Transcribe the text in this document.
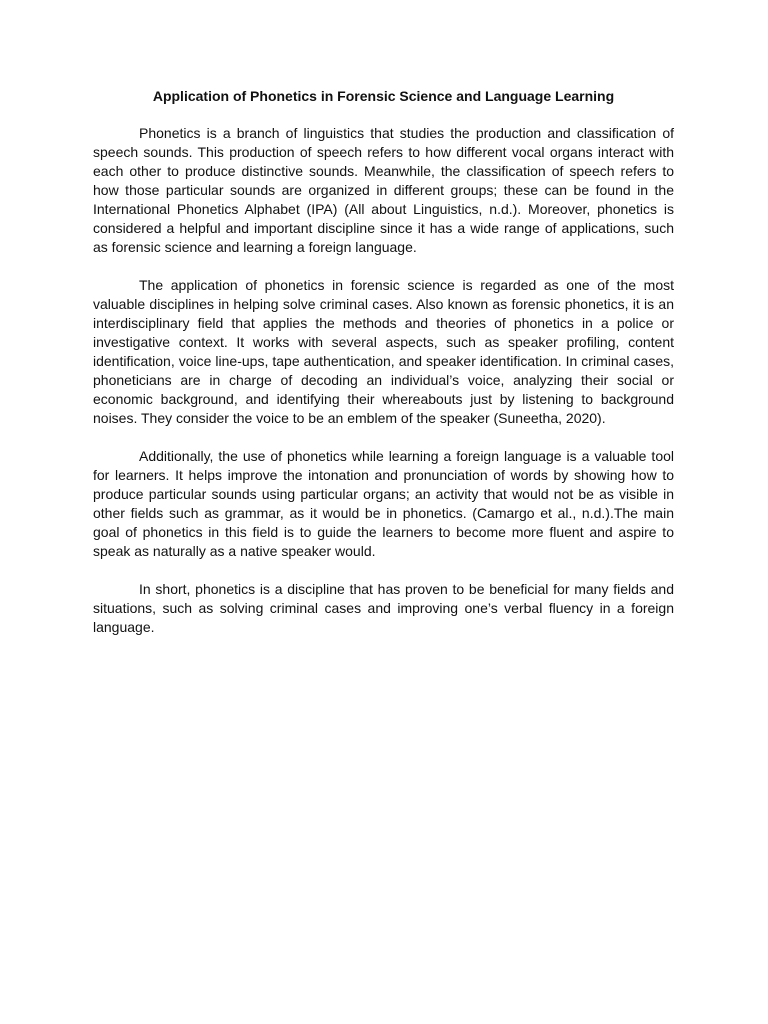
Application of Phonetics in Forensic Science and Language Learning

Phonetics is a branch of linguistics that studies the production and classification of speech sounds. This production of speech refers to how different vocal organs interact with each other to produce distinctive sounds. Meanwhile, the classification of speech refers to how those particular sounds are organized in different groups; these can be found in the International Phonetics Alphabet (IPA) (All about Linguistics, n.d.). Moreover, phonetics is considered a helpful and important discipline since it has a wide range of applications, such as forensic science and learning a foreign language.

The application of phonetics in forensic science is regarded as one of the most valuable disciplines in helping solve criminal cases. Also known as forensic phonetics, it is an interdisciplinary field that applies the methods and theories of phonetics in a police or investigative context. It works with several aspects, such as speaker profiling, content identification, voice line-ups, tape authentication, and speaker identification. In criminal cases, phoneticians are in charge of decoding an individual’s voice, analyzing their social or economic background, and identifying their whereabouts just by listening to background noises. They consider the voice to be an emblem of the speaker (Suneetha, 2020).

Additionally, the use of phonetics while learning a foreign language is a valuable tool for learners. It helps improve the intonation and pronunciation of words by showing how to produce particular sounds using particular organs; an activity that would not be as visible in other fields such as grammar, as it would be in phonetics. (Camargo et al., n.d.).The main goal of phonetics in this field is to guide the learners to become more fluent and aspire to speak as naturally as a native speaker would.

In short, phonetics is a discipline that has proven to be beneficial for many fields and situations, such as solving criminal cases and improving one’s verbal fluency in a foreign language.
